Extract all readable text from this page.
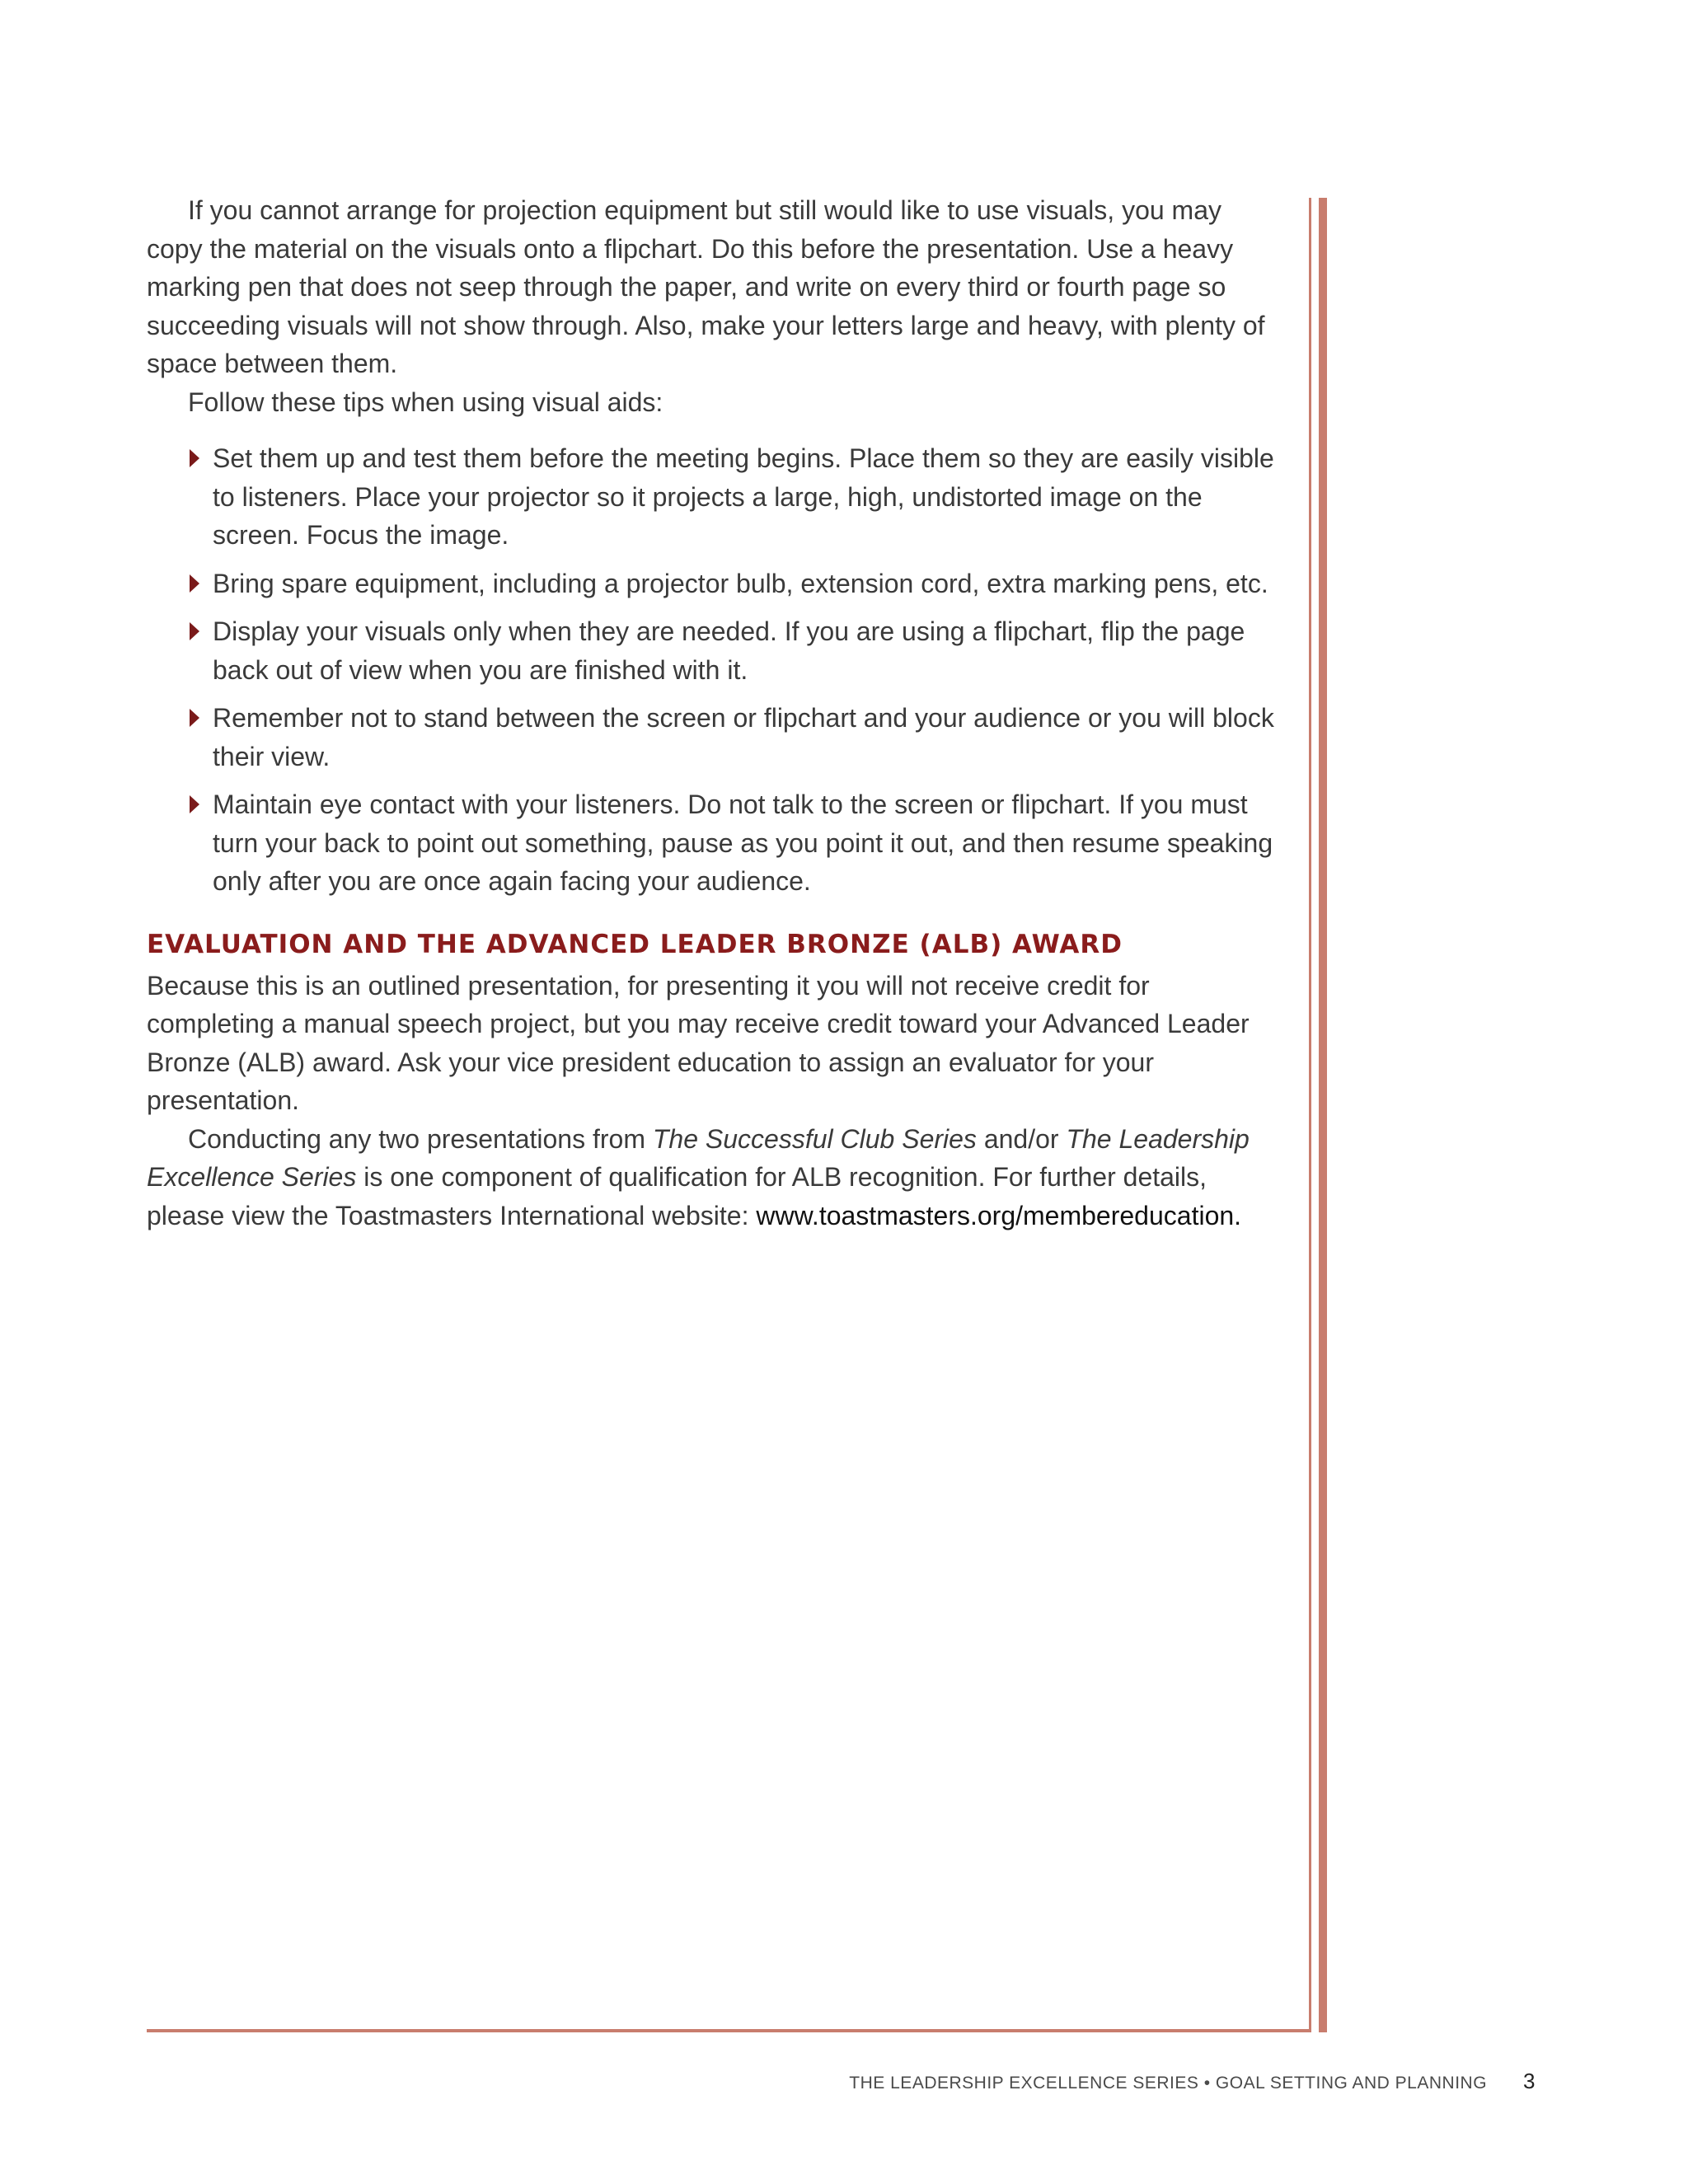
If you cannot arrange for projection equipment but still would like to use visuals, you may copy the material on the visuals onto a flipchart. Do this before the presentation. Use a heavy marking pen that does not seep through the paper, and write on every third or fourth page so succeeding visuals will not show through. Also, make your letters large and heavy, with plenty of space between them.

Follow these tips when using visual aids:

Set them up and test them before the meeting begins. Place them so they are easily visible to listeners. Place your projector so it projects a large, high, undistorted image on the screen. Focus the image.
Bring spare equipment, including a projector bulb, extension cord, extra marking pens, etc.
Display your visuals only when they are needed. If you are using a flipchart, flip the page back out of view when you are finished with it.
Remember not to stand between the screen or flipchart and your audience or you will block their view.
Maintain eye contact with your listeners. Do not talk to the screen or flipchart. If you must turn your back to point out something, pause as you point it out, and then resume speaking only after you are once again facing your audience.
EVALUATION AND THE ADVANCED LEADER BRONZE (ALB) AWARD

Because this is an outlined presentation, for presenting it you will not receive credit for completing a manual speech project, but you may receive credit toward your Advanced Leader Bronze (ALB) award. Ask your vice president education to assign an evaluator for your presentation.

Conducting any two presentations from The Successful Club Series and/or The Leadership Excellence Series is one component of qualification for ALB recognition. For further details, please view the Toastmasters International website: www.toastmasters.org/membereducation.

THE LEADERSHIP EXCELLENCE SERIES • GOAL SETTING AND PLANNING 3
